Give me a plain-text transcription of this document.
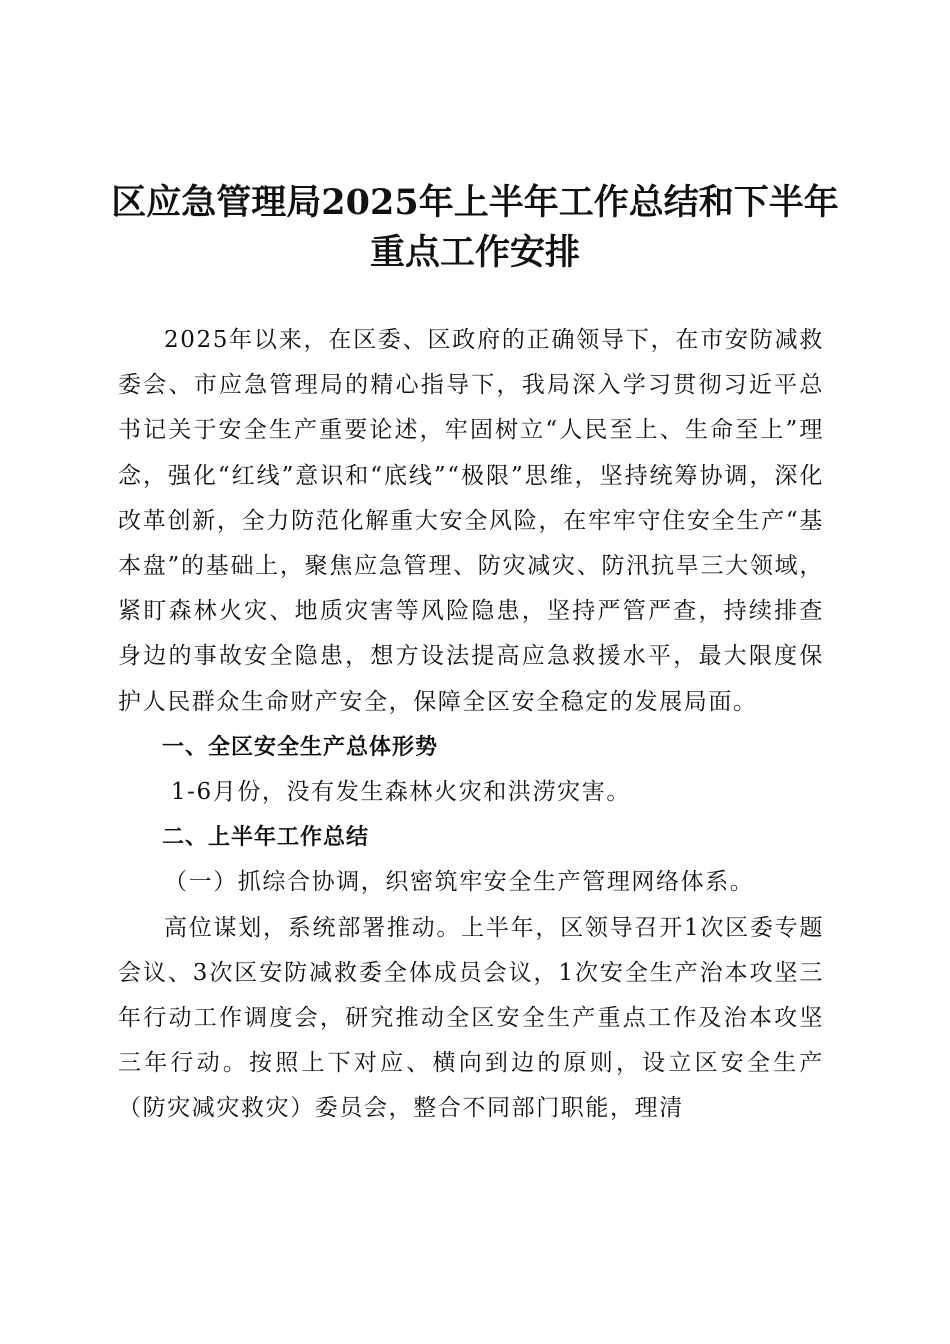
区应急管理局2025年上半年工作总结和下半年重点工作安排

2025年以来，在区委、区政府的正确领导下，在市安防减救委会、市应急管理局的精心指导下，我局深入学习贯彻习近平总书记关于安全生产重要论述，牢固树立“人民至上、生命至上”理念，强化“红线”意识和“底线”“极限”思维，坚持统筹协调，深化改革创新，全力防范化解重大安全风险，在牢牢守住安全生产“基本盘”的基础上，聚焦应急管理、防灾减灾、防汛抗旱三大领域，紧盯森林火灾、地质灾害等风险隐患，坚持严管严查，持续排查身边的事故安全隐患，想方设法提高应急救援水平，最大限度保护人民群众生命财产安全，保障全区安全稳定的发展局面。

一、全区安全生产总体形势

1-6月份，没有发生森林火灾和洪涝灾害。

二、上半年工作总结

（一）抓综合协调，织密筑牢安全生产管理网络体系。

高位谋划，系统部署推动。上半年，区领导召开1次区委专题会议、3次区安防减救委全体成员会议，1次安全生产治本攻坚三年行动工作调度会，研究推动全区安全生产重点工作及治本攻坚三年行动。按照上下对应、横向到边的原则，设立区安全生产（防灾减灾救灾）委员会，整合不同部门职能，理清
